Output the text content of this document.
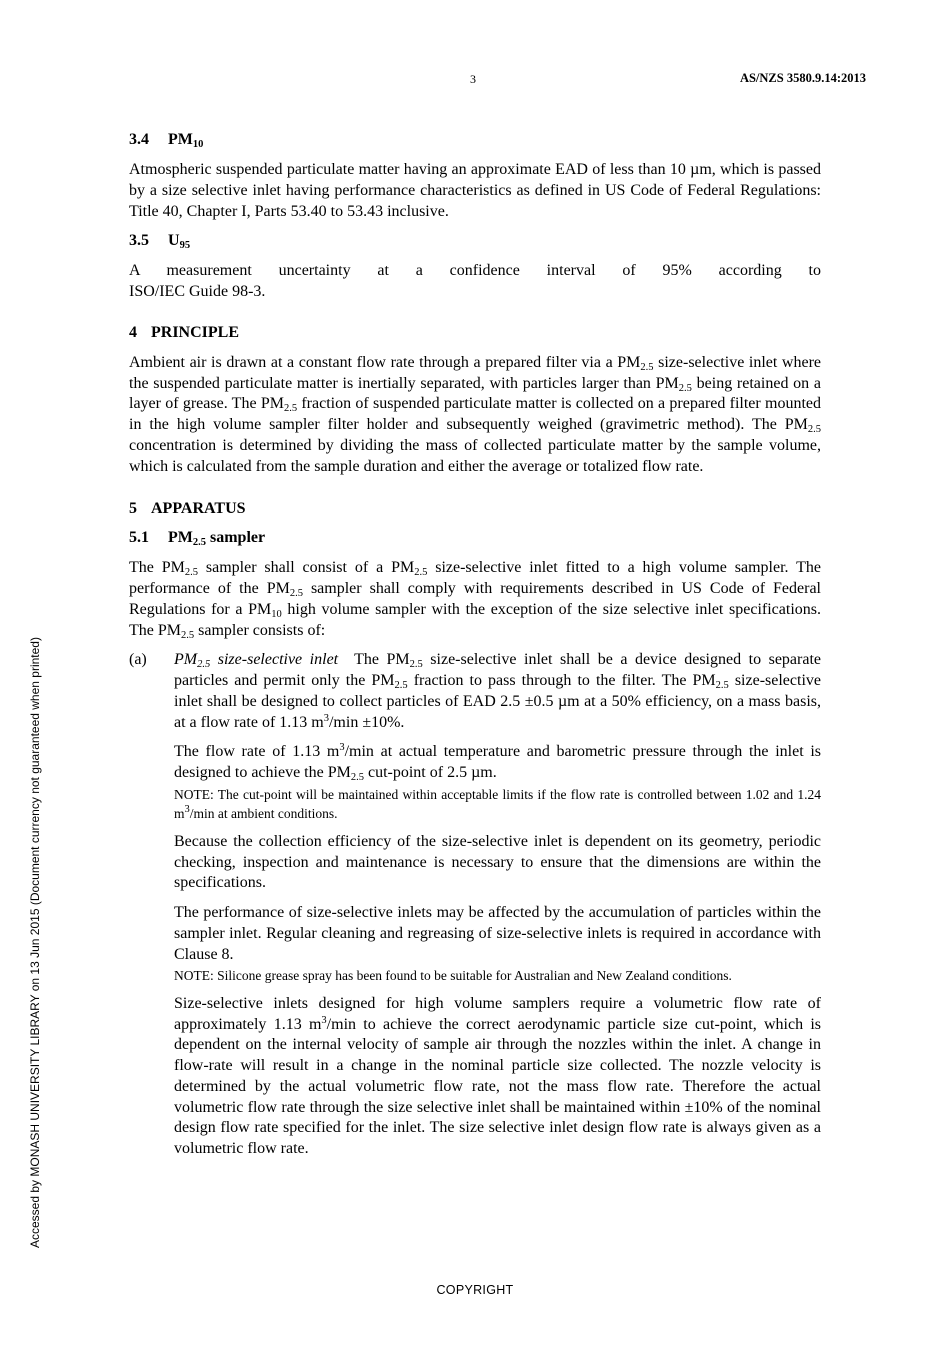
3	AS/NZS 3580.9.14:2013
Accessed by MONASH UNIVERSITY LIBRARY on 13 Jun 2015 (Document currency not guaranteed when printed)
3.4 $PM_{10}$

Atmospheric suspended particulate matter having an approximate EAD of less than 10 µm, which is passed by a size selective inlet having performance characteristics as defined in US Code of Federal Regulations: Title 40, Chapter I, Parts 53.40 to 53.43 inclusive.

3.5 $U_{95}$

A measurement uncertainty at a confidence interval of 95% according to
ISO/IEC Guide 98-3.

4 PRINCIPLE

Ambient air is drawn at a constant flow rate through a prepared filter via a $PM_{2.5}$ size-selective inlet where the suspended particulate matter is inertially separated, with particles larger than $PM_{2.5}$ being retained on a layer of grease. The $PM_{2.5}$ fraction of suspended particulate matter is collected on a prepared filter mounted in the high volume sampler filter holder and subsequently weighed (gravimetric method). The $PM_{2.5}$ concentration is determined by dividing the mass of collected particulate matter by the sample volume, which is calculated from the sample duration and either the average or totalized flow rate.

5 APPARATUS
5.1 $PM_{2.5}$ sampler

The $PM_{2.5}$ sampler shall consist of a $PM_{2.5}$ size-selective inlet fitted to a high volume sampler. The performance of the $PM_{2.5}$ sampler shall comply with requirements described in US Code of Federal Regulations for a $PM_{10}$ high volume sampler with the exception of the size selective inlet specifications. The $PM_{2.5}$ sampler consists of:

(a) $PM_{2.5}$ size-selective inlet The $PM_{2.5}$ size-selective inlet shall be a device designed to separate particles and permit only the $PM_{2.5}$ fraction to pass through to the filter. The $PM_{2.5}$ size-selective inlet shall be designed to collect particles of EAD 2.5 ±0.5 µm at a 50% efficiency, on a mass basis, at a flow rate of 1.13 $m^3/\min \pm 10\%$.

The flow rate of 1.13 $m^3/\min$ at actual temperature and barometric pressure through the inlet is designed to achieve the $PM_{2.5}$ cut-point of 2.5 µm.

NOTE: The cut-point will be maintained within acceptable limits if the flow rate is controlled between 1.02 and 1.24 $m^3/\min$ at ambient conditions.

Because the collection efficiency of the size-selective inlet is dependent on its geometry, periodic checking, inspection and maintenance is necessary to ensure that the dimensions are within the specifications.

The performance of size-selective inlets may be affected by the accumulation of particles within the sampler inlet. Regular cleaning and regreasing of size-selective inlets is required in accordance with Clause 8.

NOTE: Silicone grease spray has been found to be suitable for Australian and New Zealand conditions.

Size-selective inlets designed for high volume samplers require a volumetric flow rate of approximately 1.13 $m^3/\min$ to achieve the correct aerodynamic particle size cut-point, which is dependent on the internal velocity of sample air through the nozzles within the inlet. A change in flow-rate will result in a change in the nominal particle size collected. The nozzle velocity is determined by the actual volumetric flow rate, not the mass flow rate. Therefore the actual volumetric flow rate through the size selective inlet shall be maintained within ±10% of the nominal design flow rate specified for the inlet. The size selective inlet design flow rate is always given as a volumetric flow rate.

COPYRIGHT
